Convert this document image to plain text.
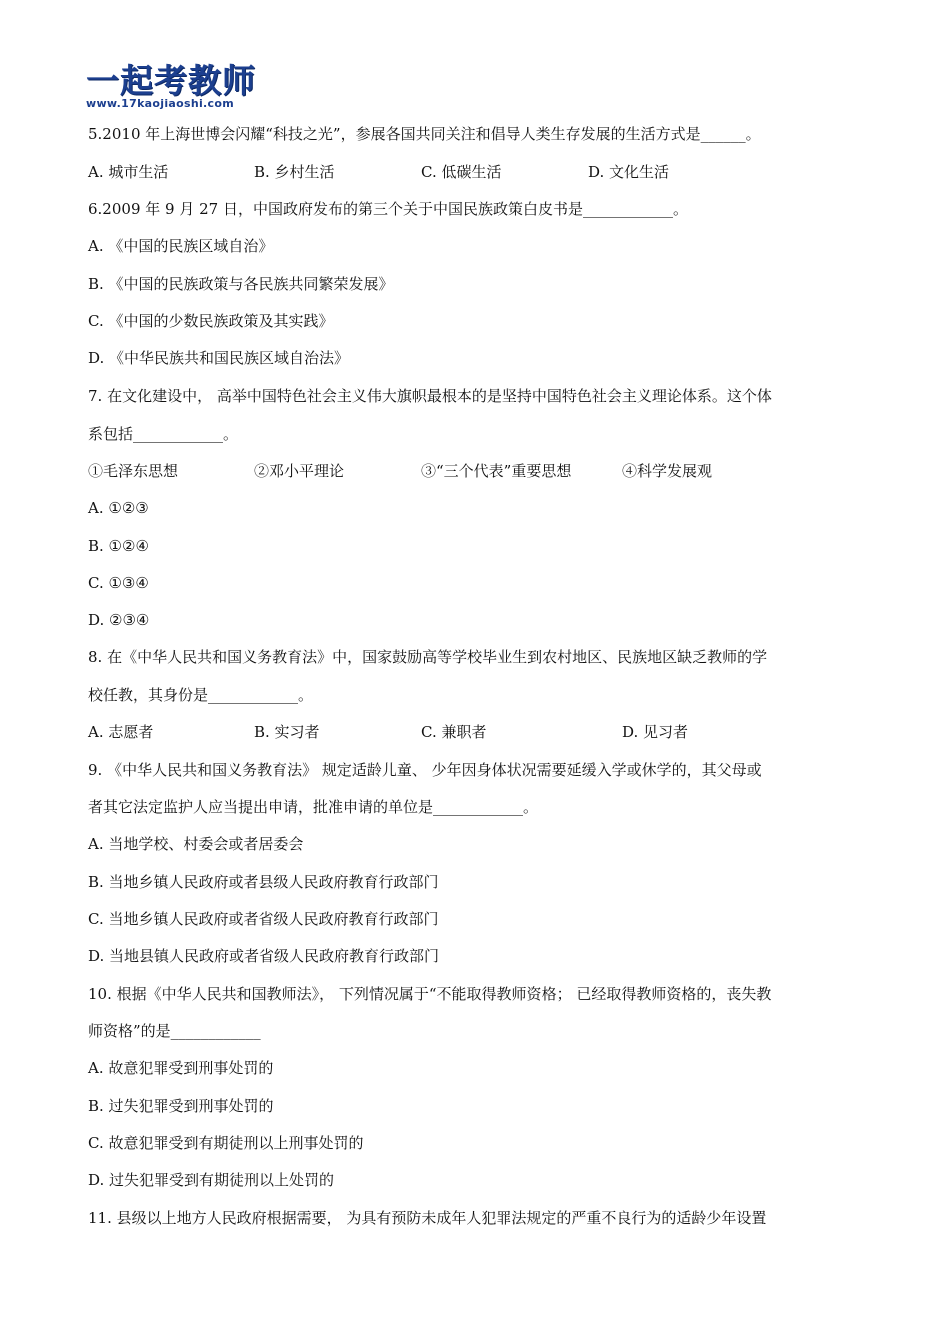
一起考教师
www.17kaojiaoshi.com
5.2010 年上海世博会闪耀“科技之光”，参展各国共同关注和倡导人类生存发展的生活方式是______。
A. 城市生活	B. 乡村生活	C. 低碳生活	D. 文化生活
6.2009 年 9 月 27 日，中国政府发布的第三个关于中国民族政策白皮书是____________。
A. 《中国的民族区域自治》
B. 《中国的民族政策与各民族共同繁荣发展》
C. 《中国的少数民族政策及其实践》
D. 《中华民族共和国民族区域自治法》
7. 在文化建设中， 高举中国特色社会主义伟大旗帜最根本的是坚持中国特色社会主义理论体系。这个体
系包括____________。
①毛泽东思想	②邓小平理论	③“三个代表”重要思想	④科学发展观
A. ①②③
B. ①②④
C. ①③④
D. ②③④
8. 在《中华人民共和国义务教育法》中，国家鼓励高等学校毕业生到农村地区、民族地区缺乏教师的学
校任教，其身份是____________。
A. 志愿者	B. 实习者	C. 兼职者	D. 见习者
9. 《中华人民共和国义务教育法》 规定适龄儿童、 少年因身体状况需要延缓入学或休学的，其父母或
者其它法定监护人应当提出申请，批准申请的单位是____________。
A. 当地学校、村委会或者居委会
B. 当地乡镇人民政府或者县级人民政府教育行政部门
C. 当地乡镇人民政府或者省级人民政府教育行政部门
D. 当地县镇人民政府或者省级人民政府教育行政部门
10. 根据《中华人民共和国教师法》， 下列情况属于“不能取得教师资格； 已经取得教师资格的，丧失教
师资格”的是____________
A. 故意犯罪受到刑事处罚的
B. 过失犯罪受到刑事处罚的
C. 故意犯罪受到有期徒刑以上刑事处罚的
D. 过失犯罪受到有期徒刑以上处罚的
11. 县级以上地方人民政府根据需要， 为具有预防未成年人犯罪法规定的严重不良行为的适龄少年设置
